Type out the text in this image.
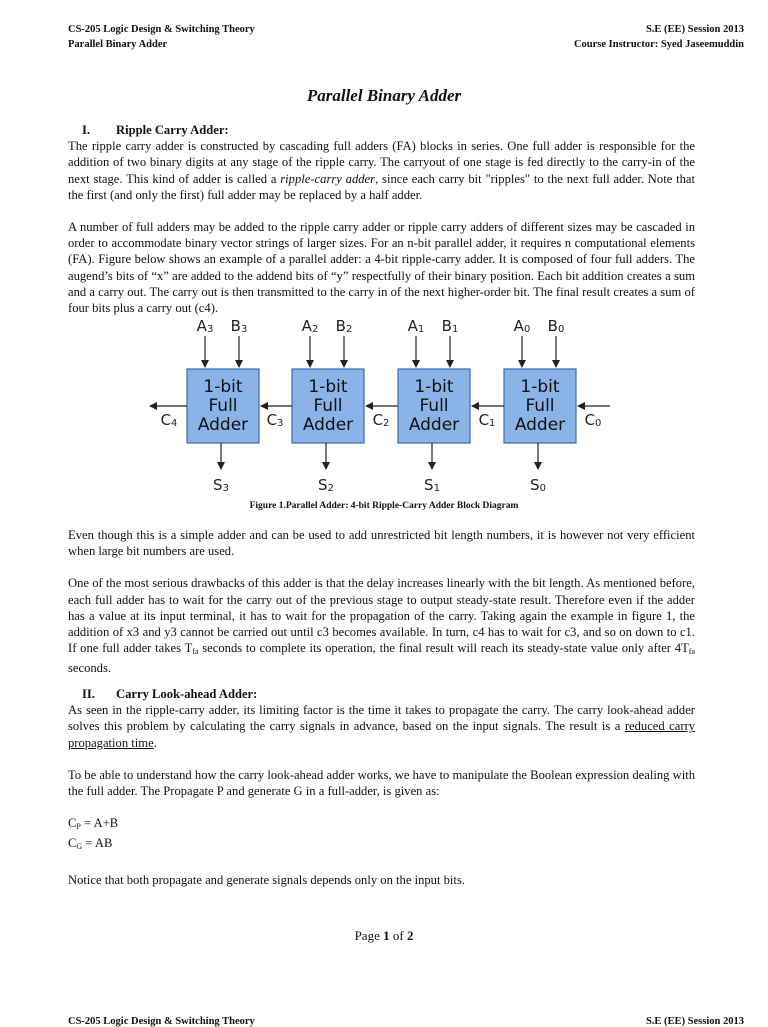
CS-205 Logic Design & Switching Theory
Parallel Binary Adder
S.E (EE) Session 2013
Course Instructor: Syed Jaseemuddin
Parallel Binary Adder
I. Ripple Carry Adder:

The ripple carry adder is constructed by cascading full adders (FA) blocks in series. One full adder is responsible for the addition of two binary digits at any stage of the ripple carry. The carryout of one stage is fed directly to the carry-in of the next stage. This kind of adder is called a ripple-carry adder, since each carry bit "ripples" to the next full adder. Note that the first (and only the first) full adder may be replaced by a half adder.

A number of full adders may be added to the ripple carry adder or ripple carry adders of different sizes may be cascaded in order to accommodate binary vector strings of larger sizes. For an n-bit parallel adder, it requires n computational elements (FA). Figure below shows an example of a parallel adder: a 4-bit ripple-carry adder. It is composed of four full adders. The augend’s bits of “x” are added to the addend bits of “y” respectfully of their binary position. Each bit addition creates a sum and a carry out. The carry out is then transmitted to the carry in of the next higher-order bit. The final result creates a sum of four bits plus a carry out (c4).

1-bit
Full
Adder
A3 B3
S3
1-bit
Full
Adder
A2 B2
S2
1-bit
Full
Adder
A1 B1
S1
1-bit
Full
Adder
A0 B0
S0
C0
C1
C2
C3
C4
Figure 1.Parallel Adder: 4-bit Ripple-Carry Adder Block Diagram

Even though this is a simple adder and can be used to add unrestricted bit length numbers, it is however not very efficient when large bit numbers are used.

One of the most serious drawbacks of this adder is that the delay increases linearly with the bit length. As mentioned before, each full adder has to wait for the carry out of the previous stage to output steady-state result. Therefore even if the adder has a value at its input terminal, it has to wait for the propagation of the carry. Taking again the example in figure 1, the addition of x3 and y3 cannot be carried out until c3 becomes available. In turn, c4 has to wait for c3, and so on down to c1. If one full adder takes $T_{fa}$ seconds to complete its operation, the final result will reach its steady-state value only after $4T_{fa}$ seconds.

II. Carry Look-ahead Adder:

As seen in the ripple-carry adder, its limiting factor is the time it takes to propagate the carry. The carry look-ahead adder solves this problem by calculating the carry signals in advance, based on the input signals. The result is a reduced carry propagation time.

To be able to understand how the carry look-ahead adder works, we have to manipulate the Boolean expression dealing with the full adder. The Propagate P and generate G in a full-adder, is given as:

$C_P = A+B$
$C_G$ = AB

Notice that both propagate and generate signals depends only on the input bits.

Page 1 of 2
CS-205 Logic Design & Switching Theory	S.E (EE) Session 2013
